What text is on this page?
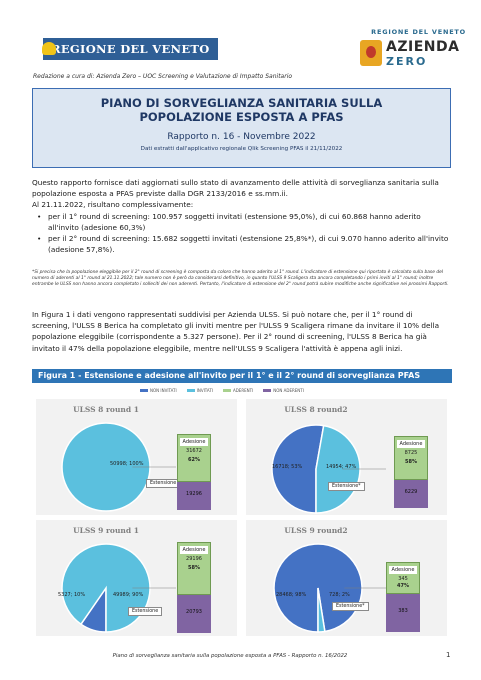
REGIONE DEL VENETO
REGIONE DEL VENETO
AZIENDA
ZERO
Redazione a cura di: Azienda Zero – UOC Screening e Valutazione di Impatto Sanitario
PIANO DI SORVEGLIANZA SANITARIA SULLA
POPOLAZIONE ESPOSTA A PFAS
Rapporto n. 16 - Novembre 2022
Dati estratti dall'applicativo regionale Qlik Screening PFAS il 21/11/2022
Questo rapporto fornisce dati aggiornati sullo stato di avanzamento delle attività di sorveglianza sanitaria sulla popolazione esposta a PFAS previste dalla DGR 2133/2016 e ss.mm.ii.
Al 21.11.2022, risultano complessivamente:
• per il 1° round di screening: 100.957 soggetti invitati (estensione 95,0%), di cui 60.868 hanno aderito all'invito (adesione 60,3%)
• per il 2° round di screening: 15.682 soggetti invitati (estensione 25,8%*), di cui 9.070 hanno aderito all'invito (adesione 57,8%).
*Si precisa che la popolazione eleggibile per il 2° round di screening è composta da coloro che hanno aderito al 1° round. L'indicatore di estensione qui riportato è calcolato sulla base del numero di aderenti al 1° round al 21.11.2022; tale numero non è però da considerarsi definitivo, in quanto l'ULSS 9 Scaligera sta ancora completando i primi inviti al 1° round; inoltre entrambe le ULSS non hanno ancora completato i solleciti dei non aderenti. Pertanto, l'indicatore di estensione del 2° round potrà subire modifiche anche significative nei prossimi Rapporti.
In Figura 1 i dati vengono rappresentati suddivisi per Azienda ULSS. Si può notare che, per il 1° round di screening, l'ULSS 8 Berica ha completato gli inviti mentre per l'ULSS 9 Scaligera rimane da invitare il 10% della popolazione eleggibile (corrispondente a 5.327 persone). Per il 2° round di screening, l'ULSS 8 Berica ha già invitato il 47% della popolazione eleggibile, mentre nell'ULSS 9 Scaligera l'attività è appena agli inizi.
Figura 1 - Estensione e adesione all'invito per il 1° e il 2° round di sorveglianza PFAS
NON INVITATI	INVITATI	ADERENTI	NON ADERENTI
ULSS 8 round 1
50998; 100%
Estensione
Adesione
31672
62%
19296
ULSS 8 round2
16718; 53%	14954; 47%
Estensione*
Adesione
8725
58%
6229
ULSS 9 round 1
5327; 10%	49989; 90%
Estensione
Adesione
29196
58%
20793
ULSS 9 round2
28468; 98%	728; 2%
Estensione*
Adesione
345
47%
383
Piano di sorveglianza sanitaria sulla popolazione esposta a PFAS - Rapporto n. 16/2022	1
